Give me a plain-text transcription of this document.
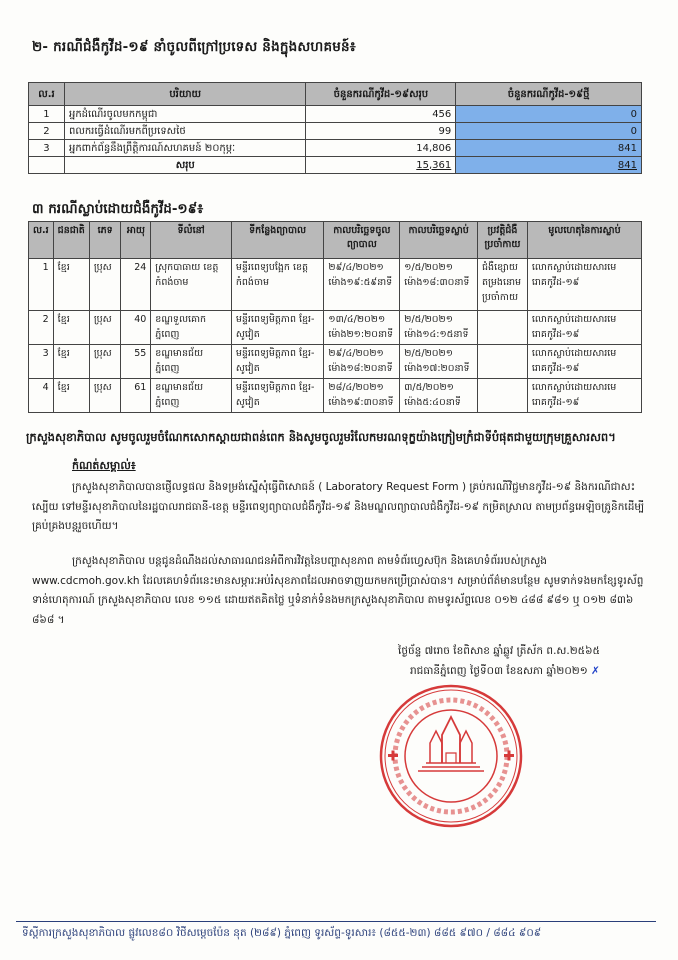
២- ករណីជំងឺកូវីដ-១៩ នាំចូលពីក្រៅប្រទេស និងក្នុងសហគមន៍៖
ល.រ	បរិយាយ	ចំនួនករណីកូវីដ-១៩សរុប	ចំនួនករណីកូវីដ-១៩ថ្មី
1	អ្នកដំណើរចូលមកកម្ពុជា	456	0
2	ពលករធ្វើដំណើរមកពីប្រទេសថៃ	99	0
3	អ្នកពាក់ព័ន្ធនឹងព្រឹត្តិការណ៍សហគមន៍ ២០កុម្ភៈ	14,806	841
	សរុប	15,361	841
៣ ករណីស្លាប់ដោយជំងឺកូវីដ-១៩៖
ល.រ	ជនជាតិ	ភេទ	អាយុ	ទីលំនៅ	ទីកន្លែងព្យាបាល	កាលបរិច្ឆេទចូលព្យាបាល	កាលបរិច្ឆេទស្លាប់	ប្រវត្តិជំងឺប្រចាំកាយ	មូលហេតុនៃការស្លាប់
1	ខ្មែរ	ប្រុស	24	ស្រុកបាធាយ ខេត្តកំពង់ចាម	មន្ទីរពេទ្យបង្អែក ខេត្តកំពង់ចាម	២៩/៤/២០២១ ម៉ោង១៩:៥៩នាទី	១/៥/២០២១ ម៉ោង១៨:៣០នាទី	ជំងឺខ្សោយតម្រងនោមប្រចាំកាយ	លោកស្លាប់ដោយសារមេរោគកូវីដ-១៩
2	ខ្មែរ	ប្រុស	40	ខណ្ឌទួលគោក ភ្នំពេញ	មន្ទីរពេទ្យមិត្តភាព ខ្មែរ-សូវៀត	១៣/៤/២០២១ ម៉ោង២១:២០នាទី	២/៥/២០២១ ម៉ោង១៤:១៥នាទី		លោកស្លាប់ដោយសារមេរោគកូវីដ-១៩
3	ខ្មែរ	ប្រុស	55	ខណ្ឌមានជ័យ ភ្នំពេញ	មន្ទីរពេទ្យមិត្តភាព ខ្មែរ-សូវៀត	២៩/៤/២០២១ ម៉ោង១៨:២០នាទី	២/៥/២០២១ ម៉ោង១៧:២០នាទី		លោកស្លាប់ដោយសារមេរោគកូវីដ-១៩
4	ខ្មែរ	ប្រុស	61	ខណ្ឌមានជ័យ ភ្នំពេញ	មន្ទីរពេទ្យមិត្តភាព ខ្មែរ-សូវៀត	២៨/៤/២០២១ ម៉ោង១៩:៣០នាទី	៣/៥/២០២១ ម៉ោង៥:៤០នាទី		លោកស្លាប់ដោយសារមេរោគកូវីដ-១៩
ក្រសួងសុខាភិបាល សូមចូលរួមចំណែកសោកស្តាយជាពន់ពេក និងសូមចូលរួមរំលែកមរណទុក្ខយ៉ាងក្រៀមក្រំជាទីបំផុតជាមួយក្រុមគ្រួសារសព។
កំណត់សម្គាល់៖
ក្រសួងសុខាភិបាលបានផ្ញើលទ្ធផល និងទម្រង់ស្នើសុំធ្វើពិសោធន៍ ( Laboratory Request Form ) គ្រប់ករណីវិជ្ជមានកូវីដ-១៩ និងករណីជាសះស្បើយ ទៅមន្ទីរសុខាភិបាលនៃរដ្ឋបាលរាជធានី-ខេត្ត មន្ទីរពេទ្យព្យាបាលជំងឺកូវីដ-១៩ និងមណ្ឌលព្យាបាលជំងឺកូវីដ-១៩ កម្រិតស្រាល តាមប្រព័ន្ធអេឡិចត្រូនិកដើម្បីគ្រប់គ្រងបន្តរួចហើយ។
ក្រសួងសុខាភិបាល បន្តជូនដំណឹងដល់សាធារណជនអំពីការវិវត្តនៃបញ្ហាសុខភាព តាមទំព័រហ្វេសប៊ុក និងគេហទំព័ររបស់ក្រសួង www.cdcmoh.gov.kh ដែលគេហទំព័រនេះមានសម្ភារៈអប់រំសុខភាពដែលអាចទាញយកមកប្រើប្រាស់បាន។ សម្រាប់ព័ត៌មានបន្ថែម សូមទាក់ទងមកខ្សែទូរស័ព្ទទាន់ហេតុការណ៍ ក្រសួងសុខាភិបាល លេខ ១១៥ ដោយឥតគិតថ្លៃ ឬទំនាក់ទំនងមកក្រសួងសុខាភិបាល តាមទូរស័ព្ទលេខ ០១២ ៤៨៨ ៩៨១ ឬ ០១២ ៨៣៦ ៨៦៨ ។
ថ្ងៃច័ន្ទ ៧រោច ខែពិសាខ ឆ្នាំឆ្លូវ ត្រីស័ក ព.ស.២៥៦៥
រាជធានីភ្នំពេញ ថ្ងៃទី០៣ ខែឧសភា ឆ្នាំ២០២១ ✗
ទីស្តីការក្រសួងសុខាភិបាល ផ្លូវលេខ៨០ វិថីសម្តេចប៉ែន នុត (២៨៩) ភ្នំពេញ ទូរស័ព្ទ-ទូរសារ៖ (៨៥៥-២៣) ៨៨៥ ៩៧០ / ៨៨៤ ៩០៩
